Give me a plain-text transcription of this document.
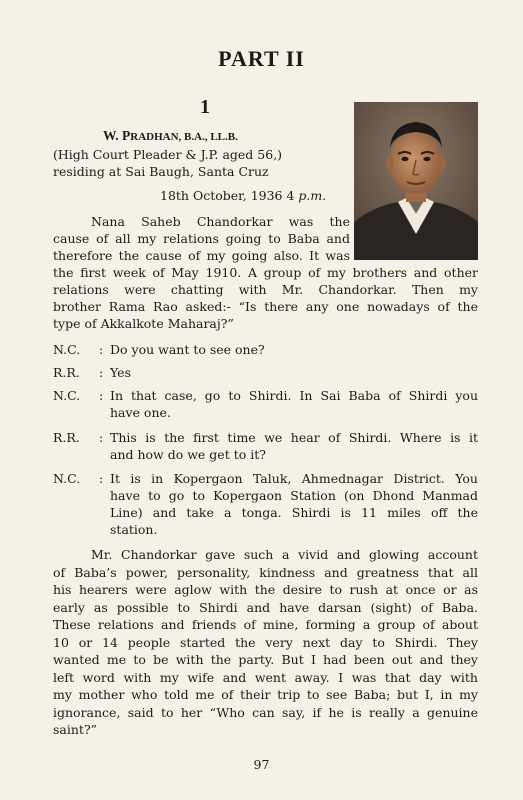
PART II
1
W. PRADHAN, B.A., LL.B.
(High Court Pleader & J.P. aged 56,)
residing at Sai Baugh, Santa Cruz
18th October, 1936 4 p.m.
Nana Saheb Chandorkar was the
cause of all my relations going to Baba and
therefore the cause of my going also. It was
the first week of May 1910. A group of my brothers and other
relations were chatting with Mr. Chandorkar. Then my
brother Rama Rao asked:- “Is there any one nowadays of the
type of Akkalkote Maharaj?”
N.C.	: Do you want to see one?
R.R.	: Yes
N.C.	: In that case, go to Shirdi. In Sai Baba of Shirdi you
have one.
R.R.	: This is the first time we hear of Shirdi. Where is it
and how do we get to it?
N.C.	: It is in Kopergaon Taluk, Ahmednagar District. You
have to go to Kopergaon Station (on Dhond Manmad
Line) and take a tonga. Shirdi is 11 miles off the
station.
Mr. Chandorkar gave such a vivid and glowing account
of Baba’s power, personality, kindness and greatness that all
his hearers were aglow with the desire to rush at once or as
early as possible to Shirdi and have darsan (sight) of Baba.
These relations and friends of mine, forming a group of about
10 or 14 people started the very next day to Shirdi. They
wanted me to be with the party. But I had been out and they
left word with my wife and went away. I was that day with
my mother who told me of their trip to see Baba; but I, in my
ignorance, said to her “Who can say, if he is really a genuine
saint?”
97
